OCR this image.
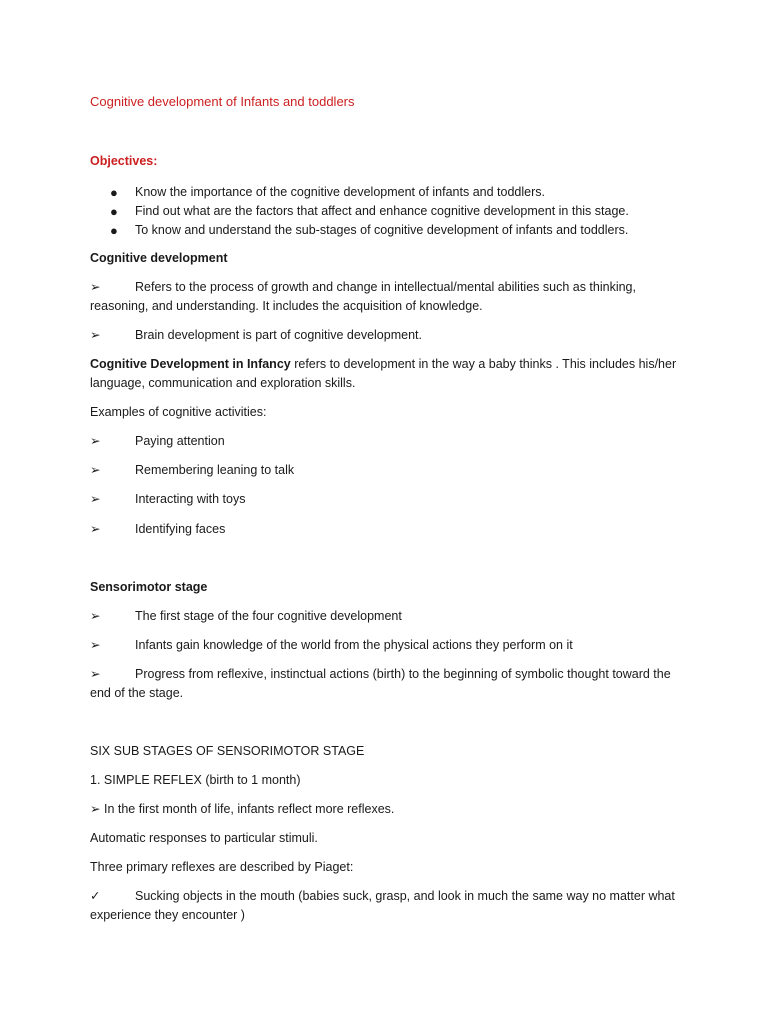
Cognitive development of Infants and toddlers
Objectives:
● Know the importance of the cognitive development of infants and toddlers.
● Find out what are the factors that affect and enhance cognitive development in this stage.
● To know and understand the sub-stages of cognitive development of infants and toddlers.
Cognitive development
➢	Refers to the process of growth and change in intellectual/mental abilities such as thinking, reasoning, and understanding. It includes the acquisition of knowledge.
➢	Brain development is part of cognitive development.
Cognitive Development in Infancy refers to development in the way a baby thinks . This includes his/her language, communication and exploration skills.
Examples of cognitive activities:
➢	Paying attention
➢	Remembering leaning to talk
➢	Interacting with toys
➢	Identifying faces
Sensorimotor stage
➢	The first stage of the four cognitive development
➢	Infants gain knowledge of the world from the physical actions they perform on it
➢	Progress from reflexive, instinctual actions (birth) to the beginning of symbolic thought toward the end of the stage.
SIX SUB STAGES OF SENSORIMOTOR STAGE
1. SIMPLE REFLEX (birth to 1 month)
➢ In the first month of life, infants reflect more reflexes.
Automatic responses to particular stimuli.
Three primary reflexes are described by Piaget:
✓	Sucking objects in the mouth (babies suck, grasp, and look in much the same way no matter what experience they encounter )
